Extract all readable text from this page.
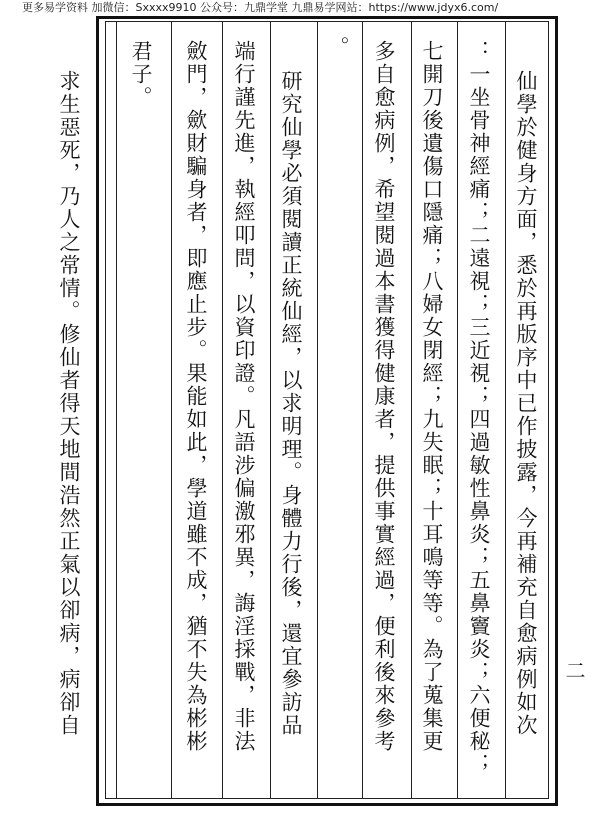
更多易学资料 加微信：Sxxxx9910 公众号：九鼎学堂 九鼎易学网站：https://www.jdyx6.com/
仙學於健身方面，悉於再版序中已作披露，今再補充自愈病例如次
：一坐骨神經痛；二遠視；三近視；四過敏性鼻炎；五鼻竇炎；六便秘；
七開刀後遺傷口隱痛；八婦女閉經；九失眠；十耳鳴等等。為了蒐集更
多自愈病例，希望閱過本書獲得健康者，提供事實經過，便利後來參考
。
研究仙學必須閱讀正統仙經，以求明理。身體力行後，還宜參訪品
端行謹先進，執經叩問，以資印證。凡語涉偏激邪異，誨淫採戰，非法
斂門，歛財騙身者，即應止步。果能如此，學道雖不成，猶不失為彬彬
君子。
求生惡死，乃人之常情。修仙者得天地間浩然正氣以卻病，病卻自	二
